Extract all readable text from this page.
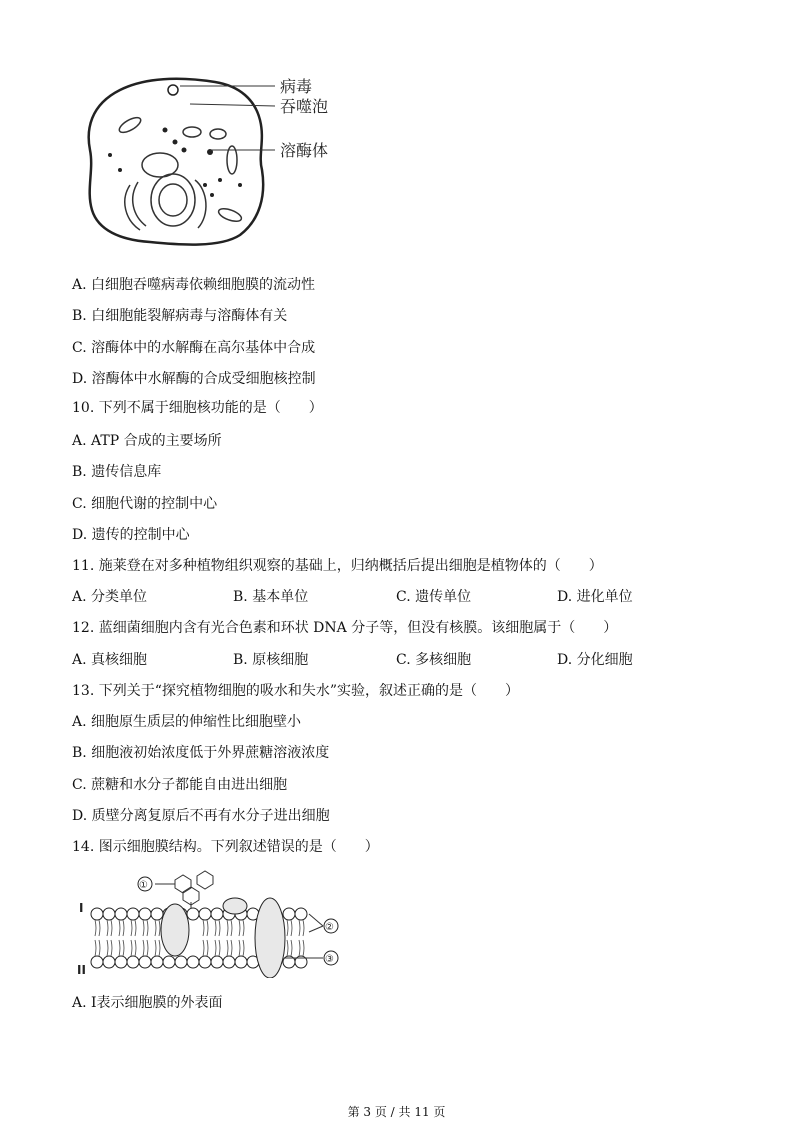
病毒
吞噬泡
溶酶体
A. 白细胞吞噬病毒依赖细胞膜的流动性
B. 白细胞能裂解病毒与溶酶体有关
C. 溶酶体中的水解酶在高尔基体中合成
D. 溶酶体中水解酶的合成受细胞核控制
10. 下列不属于细胞核功能的是（　　）
A. ATP 合成的主要场所
B. 遗传信息库
C. 细胞代谢的控制中心
D. 遗传的控制中心
11. 施莱登在对多种植物组织观察的基础上，归纳概括后提出细胞是植物体的（　　）
A. 分类单位	B. 基本单位	C. 遗传单位	D. 进化单位
12. 蓝细菌细胞内含有光合色素和环状 DNA 分子等，但没有核膜。该细胞属于（　　）
A. 真核细胞	B. 原核细胞	C. 多核细胞	D. 分化细胞
13. 下列关于“探究植物细胞的吸水和失水”实验，叙述正确的是（　　）
A. 细胞原生质层的伸缩性比细胞壁小
B. 细胞液初始浓度低于外界蔗糖溶液浓度
C. 蔗糖和水分子都能自由进出细胞
D. 质壁分离复原后不再有水分子进出细胞
14. 图示细胞膜结构。下列叙述错误的是（　　）
I
II
①
②
③
A. I表示细胞膜的外表面
第 3 页 / 共 11 页
